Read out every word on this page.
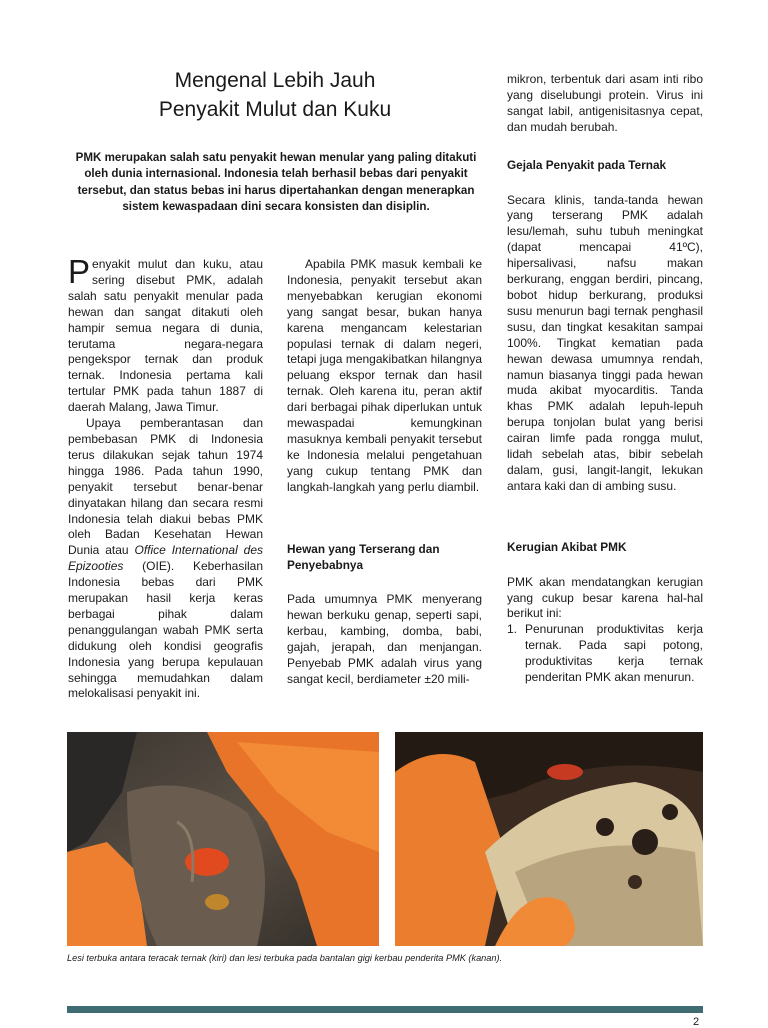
Mengenal Lebih Jauh
Penyakit Mulut dan Kuku

PMK merupakan salah satu penyakit hewan menular yang paling ditakuti oleh dunia internasional. Indonesia telah berhasil bebas dari penyakit tersebut, dan status bebas ini harus dipertahankan dengan menerapkan sistem kewaspadaan dini secara konsisten dan disiplin.

Penyakit mulut dan kuku, atau sering disebut PMK, adalah salah satu penyakit menular pada hewan dan sangat ditakuti oleh hampir semua negara di dunia, terutama negara-negara pengekspor ternak dan produk ternak. Indonesia pertama kali tertular PMK pada tahun 1887 di daerah Malang, Jawa Timur.

Upaya pemberantasan dan pembebasan PMK di Indonesia terus dilakukan sejak tahun 1974 hingga 1986. Pada tahun 1990, penyakit tersebut benar-benar dinyatakan hilang dan secara resmi Indonesia telah diakui bebas PMK oleh Badan Kesehatan Hewan Dunia atau Office International des Epizooties (OIE). Keberhasilan Indonesia bebas dari PMK merupakan hasil kerja keras berbagai pihak dalam penanggulangan wabah PMK serta didukung oleh kondisi geografis Indonesia yang berupa kepulauan sehingga memudahkan dalam melokalisasi penyakit ini.

Apabila PMK masuk kembali ke Indonesia, penyakit tersebut akan menyebabkan kerugian ekonomi yang sangat besar, bukan hanya karena mengancam kelestarian populasi ternak di dalam negeri, tetapi juga mengakibatkan hilangnya peluang ekspor ternak dan hasil ternak. Oleh karena itu, peran aktif dari berbagai pihak diperlukan untuk mewaspadai kemungkinan masuknya kembali penyakit tersebut ke Indonesia melalui pengetahuan yang cukup tentang PMK dan langkah-langkah yang perlu diambil.

Hewan yang Terserang dan Penyebabnya

Pada umumnya PMK menyerang hewan berkuku genap, seperti sapi, kerbau, kambing, domba, babi, gajah, jerapah, dan menjangan. Penyebab PMK adalah virus yang sangat kecil, berdiameter ±20 mili-

mikron, terbentuk dari asam inti ribo yang diselubungi protein. Virus ini sangat labil, antigenisitasnya cepat, dan mudah berubah.

Gejala Penyakit pada Ternak

Secara klinis, tanda-tanda hewan yang terserang PMK adalah lesu/lemah, suhu tubuh meningkat (dapat mencapai 41ºC), hipersalivasi, nafsu makan berkurang, enggan berdiri, pincang, bobot hidup berkurang, produksi susu menurun bagi ternak penghasil susu, dan tingkat kesakitan sampai 100%. Tingkat kematian pada hewan dewasa umumnya rendah, namun biasanya tinggi pada hewan muda akibat myocarditis. Tanda khas PMK adalah lepuh-lepuh berupa tonjolan bulat yang berisi cairan limfe pada rongga mulut, lidah sebelah atas, bibir sebelah dalam, gusi, langit-langit, lekukan antara kaki dan di ambing susu.

Kerugian Akibat PMK

PMK akan mendatangkan kerugian yang cukup besar karena hal-hal berikut ini:

1. Penurunan produktivitas kerja ternak. Pada sapi potong, produktivitas kerja ternak penderitan PMK akan menurun.

Lesi terbuka antara teracak ternak (kiri) dan lesi terbuka pada bantalan gigi kerbau penderita PMK (kanan).

2
